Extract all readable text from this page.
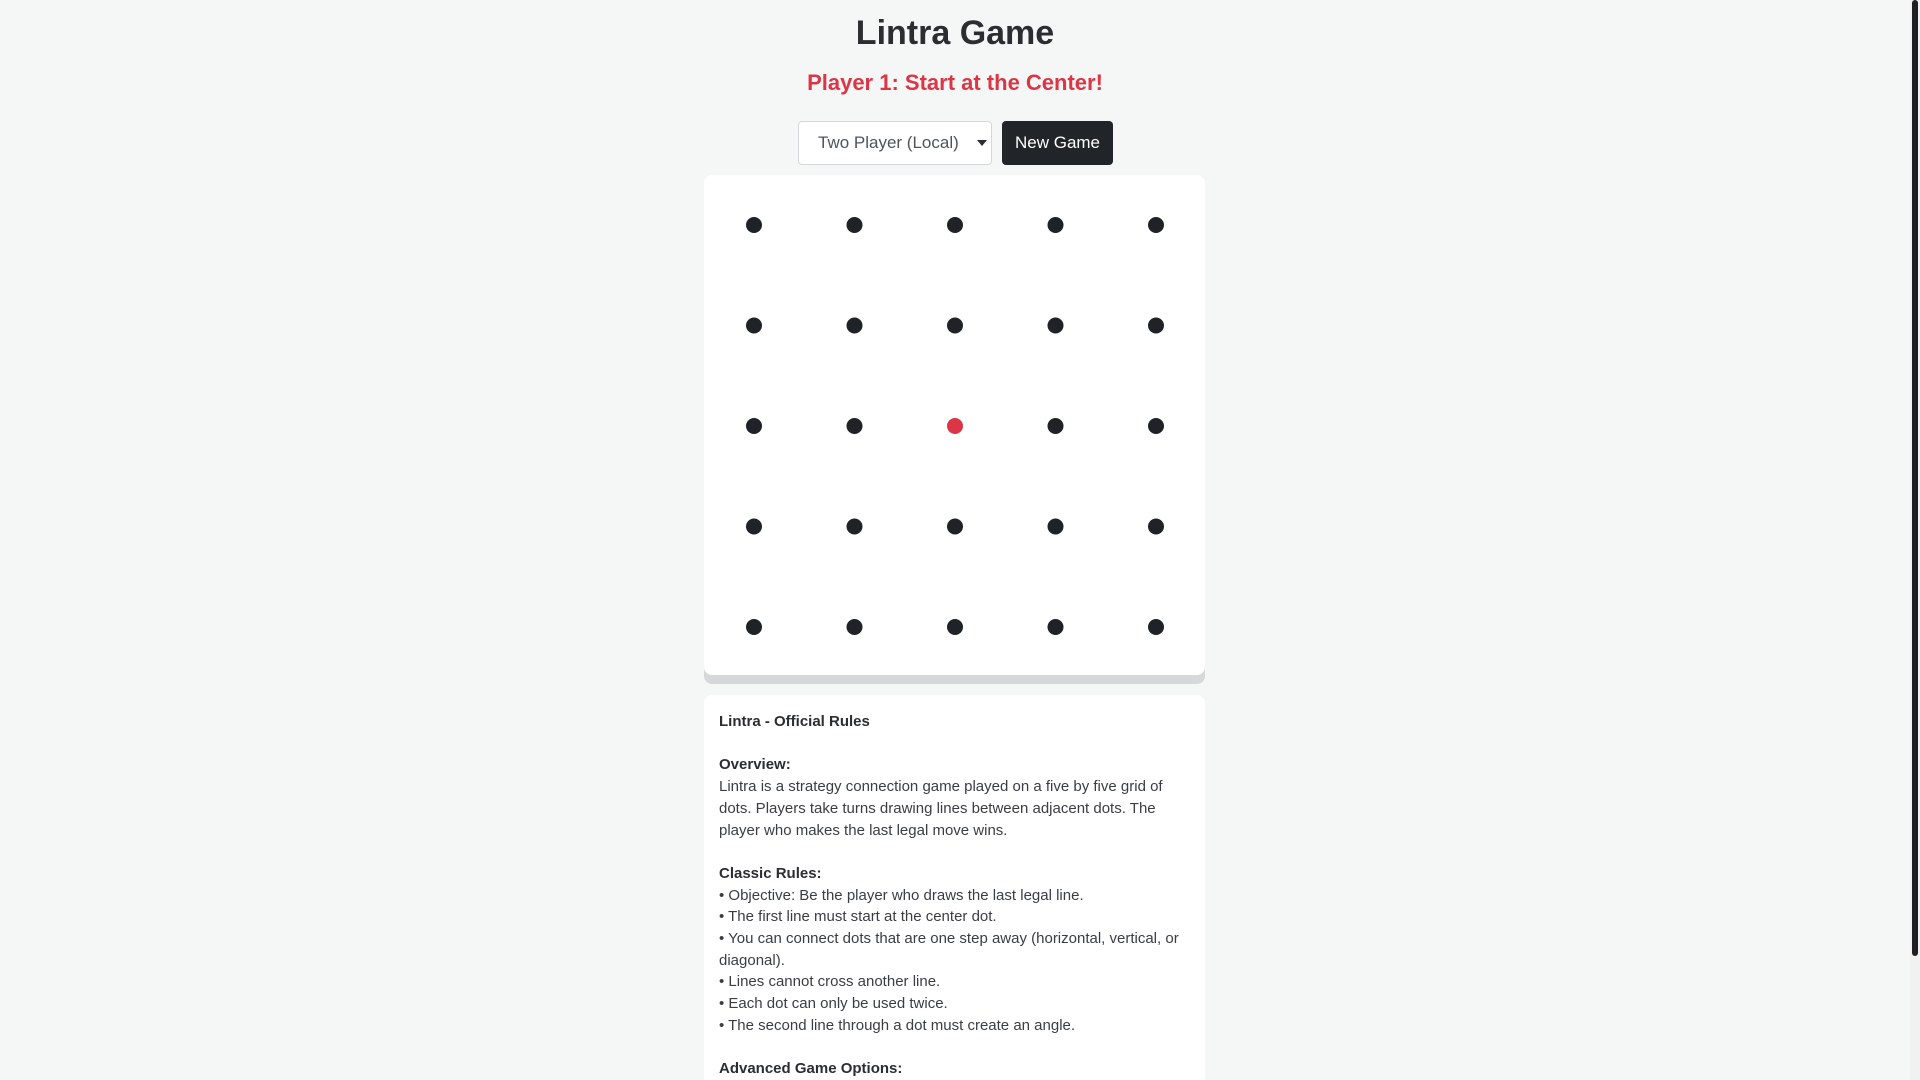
Lintra Game
Player 1: Start at the Center!
Two Player (Local)	New Game

Lintra - Official Rules

Overview:

Lintra is a strategy connection game played on a five by five grid of dots. Players take turns drawing lines between adjacent dots. The player who makes the last legal move wins.

Classic Rules:

• Objective: Be the player who draws the last legal line.

• The first line must start at the center dot.

• You can connect dots that are one step away (horizontal, vertical, or diagonal).

• Lines cannot cross another line.

• Each dot can only be used twice.

• The second line through a dot must create an angle.

Advanced Game Options:
